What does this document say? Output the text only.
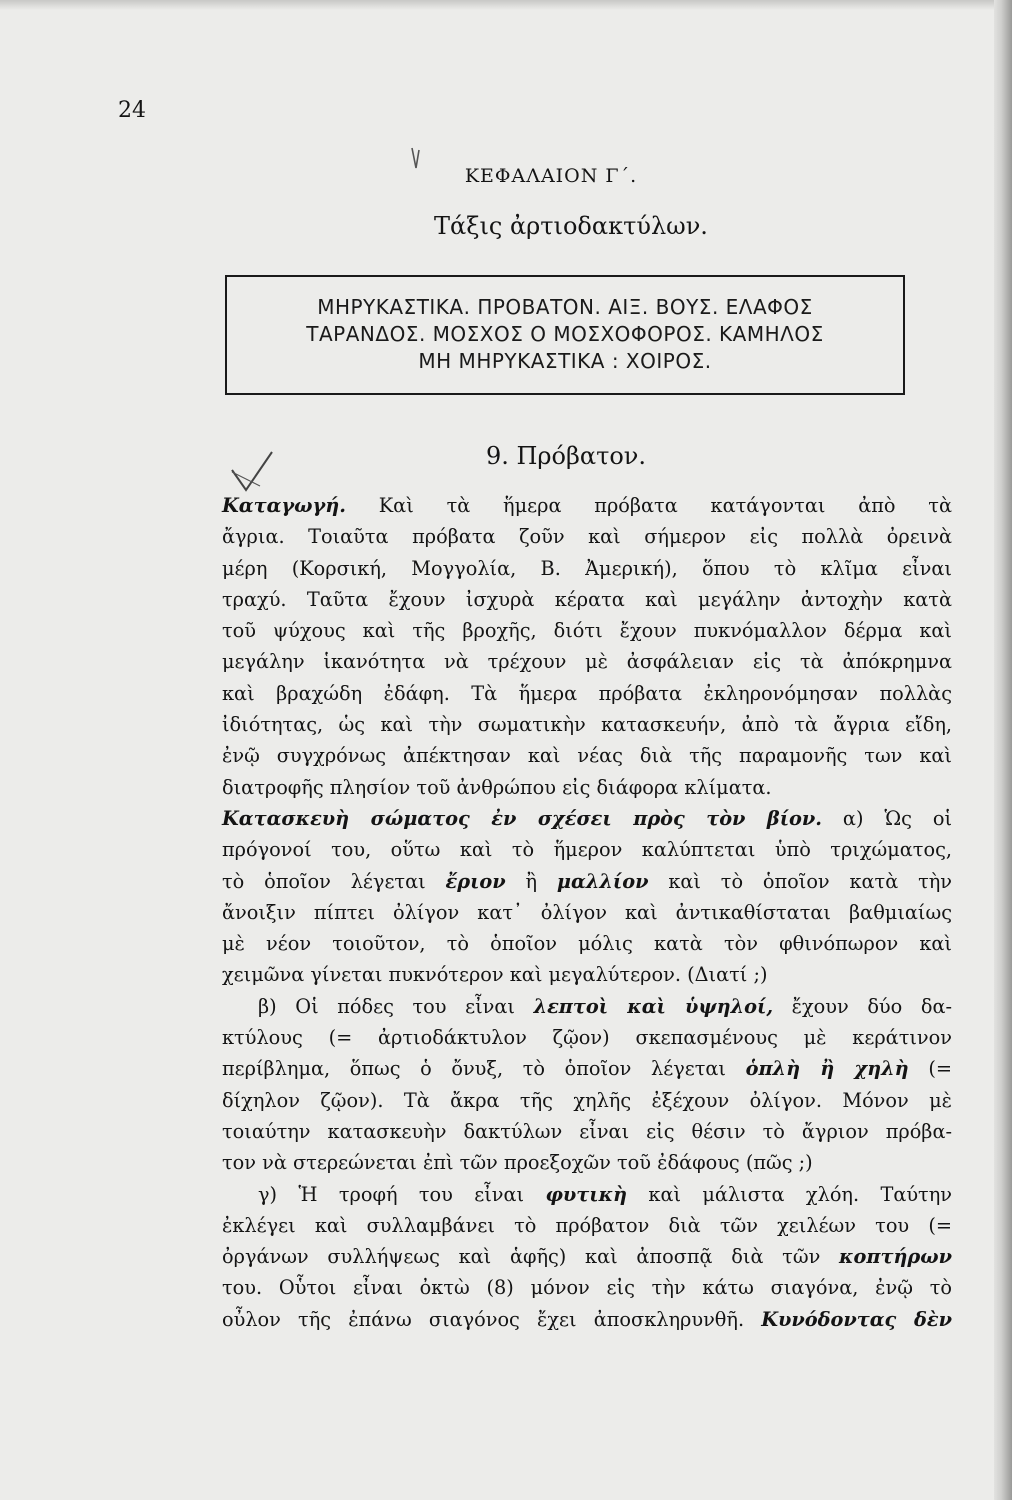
24
ΚΕΦΑΛΑΙΟΝ Γ΄.
Τάξις ἀρτιοδακτύλων.
ΜΗΡΥΚΑΣΤΙΚΑ. ΠΡΟΒΑΤΟΝ. ΑΙΞ. ΒΟΥΣ. ΕΛΑΦΟΣ
ΤΑΡΑΝΔΟΣ. ΜΟΣΧΟΣ Ο ΜΟΣΧΟΦΟΡΟΣ. ΚΑΜΗΛΟΣ
ΜΗ ΜΗΡΥΚΑΣΤΙΚΑ : ΧΟΙΡΟΣ.
9. Πρόβατον.
Καταγωγή. Καὶ τὰ ἥμερα πρόβατα κατάγονται ἀπὸ τὰ
ἄγρια. Τοιαῦτα πρόβατα ζοῦν καὶ σήμερον εἰς πολλὰ ὀρεινὰ
μέρη (Κορσική, Μογγολία, Β. Ἀμερική), ὅπου τὸ κλῖμα εἶναι
τραχύ. Ταῦτα ἔχουν ἰσχυρὰ κέρατα καὶ μεγάλην ἀντοχὴν κατὰ
τοῦ ψύχους καὶ τῆς βροχῆς, διότι ἔχουν πυκνόμαλλον δέρμα καὶ
μεγάλην ἱκανότητα νὰ τρέχουν μὲ ἀσφάλειαν εἰς τὰ ἀπόκρημνα
καὶ βραχώδη ἐδάφη. Τὰ ἥμερα πρόβατα ἐκληρονόμησαν πολλὰς
ἰδιότητας, ὡς καὶ τὴν σωματικὴν κατασκευήν, ἀπὸ τὰ ἄγρια εἴδη,
ἐνῷ συγχρόνως ἀπέκτησαν καὶ νέας διὰ τῆς παραμονῆς των καὶ
διατροφῆς πλησίον τοῦ ἀνθρώπου εἰς διάφορα κλίματα.
Κατασκευὴ σώματος ἐν σχέσει πρὸς τὸν βίον. α) Ὡς οἱ
πρόγονοί του, οὕτω καὶ τὸ ἥμερον καλύπτεται ὑπὸ τριχώματος,
τὸ ὁποῖον λέγεται ἔριον ἢ μαλλίον καὶ τὸ ὁποῖον κατὰ τὴν
ἄνοιξιν πίπτει ὀλίγον κατ᾿ ὀλίγον καὶ ἀντικαθίσταται βαθμιαίως
μὲ νέον τοιοῦτον, τὸ ὁποῖον μόλις κατὰ τὸν φθινόπωρον καὶ
χειμῶνα γίνεται πυκνότερον καὶ μεγαλύτερον. (Διατί ;)
β) Οἱ πόδες του εἶναι λεπτοὶ καὶ ὑψηλοί, ἔχουν δύο δα-
κτύλους (= ἀρτιοδάκτυλον ζῷον) σκεπασμένους μὲ κεράτινον
περίβλημα, ὅπως ὁ ὄνυξ, τὸ ὁποῖον λέγεται ὁπλὴ ἢ χηλὴ (=
δίχηλον ζῷον). Τὰ ἄκρα τῆς χηλῆς ἐξέχουν ὀλίγον. Μόνον μὲ
τοιαύτην κατασκευὴν δακτύλων εἶναι εἰς θέσιν τὸ ἄγριον πρόβα-
τον νὰ στερεώνεται ἐπὶ τῶν προεξοχῶν τοῦ ἐδάφους (πῶς ;)
γ) Ἡ τροφή του εἶναι φυτικὴ καὶ μάλιστα χλόη. Ταύτην
ἐκλέγει καὶ συλλαμβάνει τὸ πρόβατον διὰ τῶν χειλέων του (=
ὀργάνων συλλήψεως καὶ ἁφῆς) καὶ ἀποσπᾷ διὰ τῶν κοπτήρων
του. Οὗτοι εἶναι ὀκτὼ (8) μόνον εἰς τὴν κάτω σιαγόνα, ἐνῷ τὸ
οὖλον τῆς ἐπάνω σιαγόνος ἔχει ἀποσκληρυνθῆ. Κυνόδοντας δὲν
